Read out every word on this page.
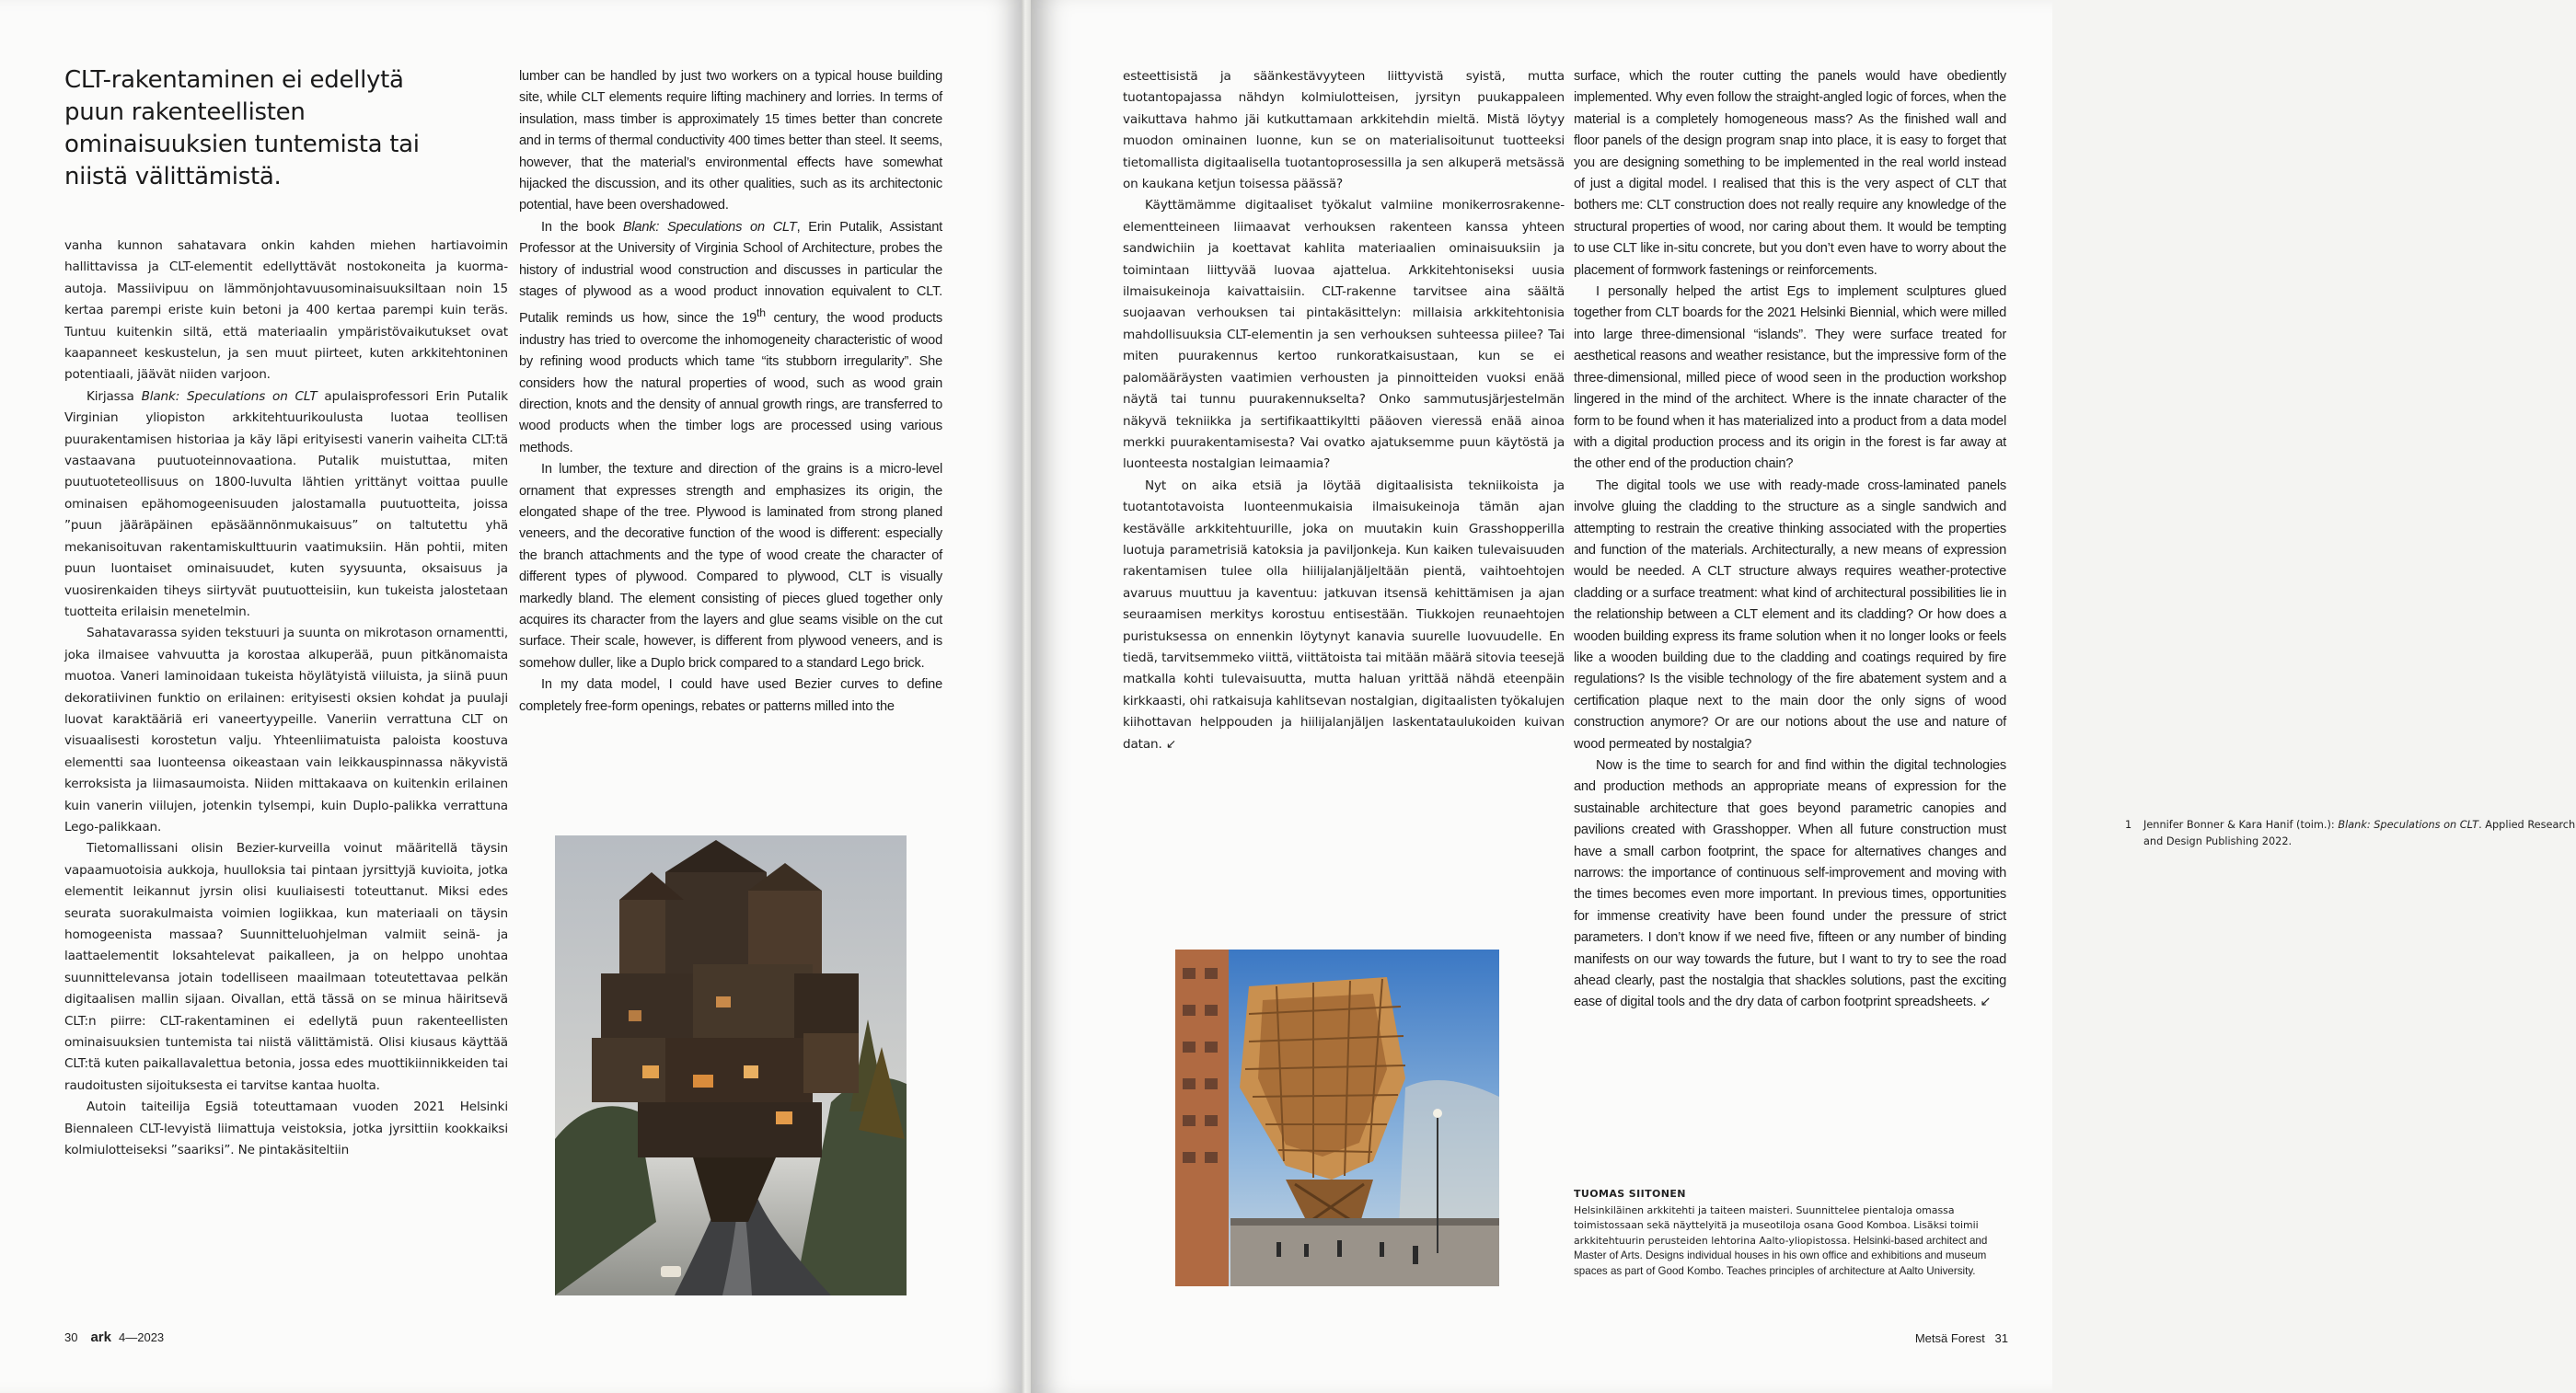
CLT-rakentaminen ei edellytä puun rakenteellisten ominaisuuksien tuntemista tai niistä välittämistä.

vanha kunnon sahatavara onkin kahden miehen hartiavoimin hallittavissa ja CLT-elementit edellyttävät nostokoneita ja kuorma-autoja. Massiivipuu on lämmönjohtavuusominaisuuksiltaan noin 15 kertaa parempi eriste kuin betoni ja 400 kertaa parempi kuin teräs. Tuntuu kuitenkin siltä, että materiaalin ympäristövaikutukset ovat kaapanneet keskustelun, ja sen muut piirteet, kuten arkkitehtoninen potentiaali, jäävät niiden varjoon.

Kirjassa Blank: Speculations on CLT apulaisprofessori Erin Putalik Virginian yliopiston arkkitehtuurikoulusta luotaa teollisen puurakentamisen historiaa ja käy läpi erityisesti vanerin vaiheita CLT:tä vastaavana puutuoteinnovaationa. Putalik muistuttaa, miten puutuoteteollisuus on 1800-luvulta lähtien yrittänyt voittaa puulle ominaisen epähomogeenisuuden jalostamalla puutuotteita, joissa ”puun jääräpäinen epäsäännönmukaisuus” on taltutettu yhä mekanisoituvan rakentamiskulttuurin vaatimuksiin. Hän pohtii, miten puun luontaiset ominaisuudet, kuten syysuunta, oksaisuus ja vuosirenkaiden tiheys siirtyvät puutuotteisiin, kun tukeista jalostetaan tuotteita erilaisin menetelmin.

Sahatavarassa syiden tekstuuri ja suunta on mikrotason ornamentti, joka ilmaisee vahvuutta ja korostaa alkuperää, puun pitkänomaista muotoa. Vaneri laminoidaan tukeista höylätyistä viiluista, ja siinä puun dekoratiivinen funktio on erilainen: erityisesti oksien kohdat ja puulaji luovat karaktääriä eri vaneertyypeille. Vaneriin verrattuna CLT on visuaalisesti korostetun valju. Yhteenliimatuista paloista koostuva elementti saa luonteensa oikeastaan vain leikkauspinnassa näkyvistä kerroksista ja liimasaumoista. Niiden mittakaava on kuitenkin erilainen kuin vanerin viilujen, jotenkin tylsempi, kuin Duplo-palikka verrattuna Lego-palikkaan.

Tietomallissani olisin Bezier-kurveilla voinut määritellä täysin vapaamuotoisia aukkoja, huulloksia tai pintaan jyrsittyjä kuvioita, jotka elementit leikannut jyrsin olisi kuuliaisesti toteuttanut. Miksi edes seurata suorakulmaista voimien logiikkaa, kun materiaali on täysin homogeenista massaa? Suunnitteluohjelman valmiit seinä- ja laattaelementit loksahtelevat paikalleen, ja on helppo unohtaa suunnittelevansa jotain todelliseen maailmaan toteutettavaa pelkän digitaalisen mallin sijaan. Oivallan, että tässä on se minua häiritsevä CLT:n piirre: CLT-rakentaminen ei edellytä puun rakenteellisten ominaisuuksien tuntemista tai niistä välittämistä. Olisi kiusaus käyttää CLT:tä kuten paikallavalettua betonia, jossa edes muottikiinnikkeiden tai raudoitusten sijoituksesta ei tarvitse kantaa huolta.

Autoin taiteilija Egsiä toteuttamaan vuoden 2021 Helsinki Biennaleen CLT-levyistä liimattuja veistoksia, jotka jyrsittiin kookkaiksi kolmiulotteiseksi ”saariksi”. Ne pintakäsiteltiin

lumber can be handled by just two workers on a typical house building site, while CLT elements require lifting machinery and lorries. In terms of insulation, mass timber is approximately 15 times better than concrete and in terms of thermal conductivity 400 times better than steel. It seems, however, that the material’s environmental effects have somewhat hijacked the discussion, and its other qualities, such as its architectonic potential, have been overshadowed.

In the book Blank: Speculations on CLT, Erin Putalik, Assistant Professor at the University of Virginia School of Architecture, probes the history of industrial wood construction and discusses in particular the stages of plywood as a wood product innovation equivalent to CLT. Putalik reminds us how, since the 19th century, the wood products industry has tried to overcome the inhomogeneity characteristic of wood by refining wood products which tame “its stubborn irregularity”. She considers how the natural properties of wood, such as wood grain direction, knots and the density of annual growth rings, are transferred to wood products when the timber logs are processed using various methods.

In lumber, the texture and direction of the grains is a micro-level ornament that expresses strength and emphasizes its origin, the elongated shape of the tree. Plywood is laminated from strong planed veneers, and the decorative function of the wood is different: especially the branch attachments and the type of wood create the character of different types of plywood. Compared to plywood, CLT is visually markedly bland. The element consisting of pieces glued together only acquires its character from the layers and glue seams visible on the cut surface. Their scale, however, is different from plywood veneers, and is somehow duller, like a Duplo brick compared to a standard Lego brick.

In my data model, I could have used Bezier curves to define completely free-form openings, rebates or patterns milled into the

30 ark 4—2023

esteettisistä ja säänkestävyyteen liittyvistä syistä, mutta tuotantopajassa nähdyn kolmiulotteisen, jyrsityn puukappaleen vaikuttava hahmo jäi kutkuttamaan arkkitehdin mieltä. Mistä löytyy muodon ominainen luonne, kun se on materialisoitunut tuotteeksi tietomallista digitaalisella tuotantoprosessilla ja sen alkuperä metsässä on kaukana ketjun toisessa päässä?

Käyttämämme digitaaliset työkalut valmiine monikerrosrakenne-elementteineen liimaavat verhouksen rakenteen kanssa yhteen sandwichiin ja koettavat kahlita materiaalien ominaisuuksiin ja toimintaan liittyvää luovaa ajattelua. Arkkitehtoniseksi uusia ilmaisukeinoja kaivattaisiin. CLT-rakenne tarvitsee aina säältä suojaavan verhouksen tai pintakäsittelyn: millaisia arkkitehtonisia mahdollisuuksia CLT-elementin ja sen verhouksen suhteessa piilee? Tai miten puurakennus kertoo runkoratkaisustaan, kun se ei palomääräysten vaatimien verhousten ja pinnoitteiden vuoksi enää näytä tai tunnu puurakennukselta? Onko sammutusjärjestelmän näkyvä tekniikka ja sertifikaattikyltti pääoven vieressä enää ainoa merkki puurakentamisesta? Vai ovatko ajatuksemme puun käytöstä ja luonteesta nostalgian leimaamia?

Nyt on aika etsiä ja löytää digitaalisista tekniikoista ja tuotantotavoista luonteenmukaisia ilmaisukeinoja tämän ajan kestävälle arkkitehtuurille, joka on muutakin kuin Grasshopperilla luotuja parametrisiä katoksia ja paviljonkeja. Kun kaiken tulevaisuuden rakentamisen tulee olla hiilijalanjäljeltään pientä, vaihtoehtojen avaruus muuttuu ja kaventuu: jatkuvan itsensä kehittämisen ja ajan seuraamisen merkitys korostuu entisestään. Tiukkojen reunaehtojen puristuksessa on ennenkin löytynyt kanavia suurelle luovuudelle. En tiedä, tarvitsemmeko viittä, viittätoista tai mitään määrä sitovia teesejä matkalla kohti tulevaisuutta, mutta haluan yrittää nähdä eteenpäin kirkkaasti, ohi ratkaisuja kahlitsevan nostalgian, digitaalisten työkalujen kiihottavan helppouden ja hiilijalanjäljen laskentataulukoiden kuivan datan. ↙

surface, which the router cutting the panels would have obediently implemented. Why even follow the straight-angled logic of forces, when the material is a completely homogeneous mass? As the finished wall and floor panels of the design program snap into place, it is easy to forget that you are designing something to be implemented in the real world instead of just a digital model. I realised that this is the very aspect of CLT that bothers me: CLT construction does not really require any knowledge of the structural properties of wood, nor caring about them. It would be tempting to use CLT like in-situ concrete, but you don’t even have to worry about the placement of formwork fastenings or reinforcements.

I personally helped the artist Egs to implement sculptures glued together from CLT boards for the 2021 Helsinki Biennial, which were milled into large three-dimensional “islands”. They were surface treated for aesthetical reasons and weather resistance, but the impressive form of the three-dimensional, milled piece of wood seen in the production workshop lingered in the mind of the architect. Where is the innate character of the form to be found when it has materialized into a product from a data model with a digital production process and its origin in the forest is far away at the other end of the production chain?

The digital tools we use with ready-made cross-laminated panels involve gluing the cladding to the structure as a single sandwich and attempting to restrain the creative thinking associated with the properties and function of the materials. Architecturally, a new means of expression would be needed. A CLT structure always requires weather-protective cladding or a surface treatment: what kind of architectural possibilities lie in the relationship between a CLT element and its cladding? Or how does a wooden building express its frame solution when it no longer looks or feels like a wooden building due to the cladding and coatings required by fire regulations? Is the visible technology of the fire abatement system and a certification plaque next to the main door the only signs of wood construction anymore? Or are our notions about the use and nature of wood permeated by nostalgia?

Now is the time to search for and find within the digital technologies and production methods an appropriate means of expression for the sustainable architecture that goes beyond parametric canopies and pavilions created with Grasshopper. When all future construction must have a small carbon footprint, the space for alternatives changes and narrows: the importance of continuous self-improvement and moving with the times becomes even more important. In previous times, opportunities for immense creativity have been found under the pressure of strict parameters. I don’t know if we need five, fifteen or any number of binding manifests on our way towards the future, but I want to try to see the road ahead clearly, past the nostalgia that shackles solutions, past the exciting ease of digital tools and the dry data of carbon footprint spreadsheets. ↙

1 Jennifer Bonner & Kara Hanif (toim.): Blank: Speculations on CLT. Applied Research and Design Publishing 2022.

TUOMAS SIITONEN
Helsinkiläinen arkkitehti ja taiteen maisteri. Suunnittelee pientaloja omassa toimistossaan sekä näyttelyitä ja museotiloja osana Good Komboa. Lisäksi toimii arkkitehtuurin perusteiden lehtorina Aalto-yliopistossa. Helsinki-based architect and Master of Arts. Designs individual houses in his own office and exhibitions and museum spaces as part of Good Kombo. Teaches principles of architecture at Aalto University.

Metsä Forest 31
